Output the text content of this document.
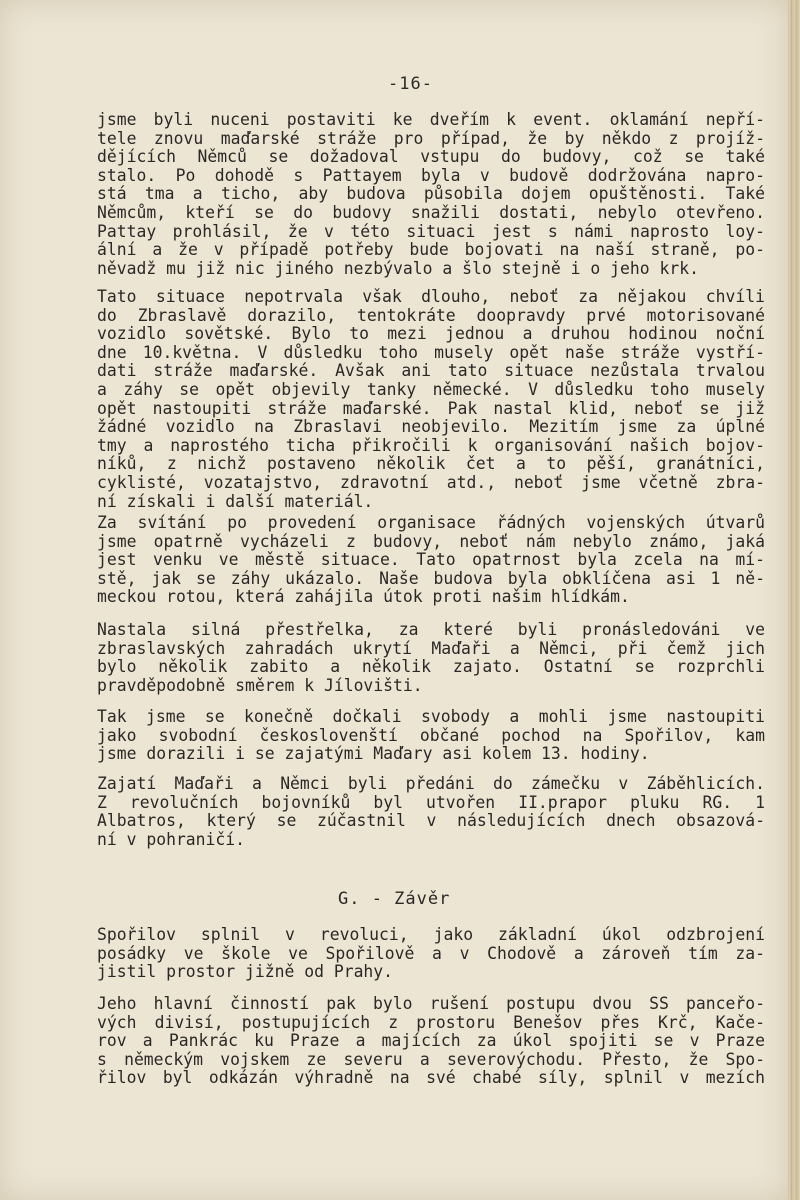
-16-
jsme byli nuceni postaviti ke dveřím k event. oklamání nepří-
tele znovu maďarské stráže pro případ, že by někdo z projíž-
dějících Němců se dožadoval vstupu do budovy, což se také
stalo. Po dohodě s Pattayem byla v budově dodržována napro-
stá tma a ticho, aby budova působila dojem opuštěnosti. Také
Němcům, kteří se do budovy snažili dostati, nebylo otevřeno.
Pattay prohlásil, že v této situaci jest s námi naprosto loy-
ální a že v případě potřeby bude bojovati na naší straně, po-
něvadž mu již nic jiného nezbývalo a šlo stejně i o jeho krk.
Tato situace nepotrvala však dlouho, neboť za nějakou chvíli
do Zbraslavě dorazilo, tentokráte doopravdy prvé motorisované
vozidlo sovětské. Bylo to mezi jednou a druhou hodinou noční
dne 10.května. V důsledku toho musely opět naše stráže vystří-
dati stráže maďarské. Avšak ani tato situace nezůstala trvalou
a záhy se opět objevily tanky německé. V důsledku toho musely
opět nastoupiti stráže maďarské. Pak nastal klid, neboť se již
žádné vozidlo na Zbraslavi neobjevilo. Mezitím jsme za úplné
tmy a naprostého ticha přikročili k organisování našich bojov-
níků, z nichž postaveno několik čet a to pěší, granátníci,
cyklisté, vozatajstvo, zdravotní atd., neboť jsme včetně zbra-
ní získali i další materiál.
Za svítání po provedení organisace řádných vojenských útvarů
jsme opatrně vycházeli z budovy, neboť nám nebylo známo, jaká
jest venku ve městě situace. Tato opatrnost byla zcela na mí-
stě, jak se záhy ukázalo. Naše budova byla obklíčena asi 1 ně-
meckou rotou, která zahájila útok proti našim hlídkám.
Nastala silná přestřelka, za které byli pronásledováni ve
zbraslavských zahradách ukrytí Maďaři a Němci, při čemž jich
bylo několik zabito a několik zajato. Ostatní se rozprchli
pravděpodobně směrem k Jílovišti.
Tak jsme se konečně dočkali svobody a mohli jsme nastoupiti
jako svobodní českoslovenští občané pochod na Spořilov, kam
jsme dorazili i se zajatými Maďary asi kolem 13. hodiny.
Zajatí Maďaři a Němci byli předáni do zámečku v Záběhlicích.
Z revolučních bojovníků byl utvořen II.prapor pluku RG. 1
Albatros, který se zúčastnil v následujících dnech obsazová-
ní v pohraničí.
G. - Závěr
Spořilov splnil v revoluci, jako základní úkol odzbrojení
posádky ve škole ve Spořilově a v Chodově a zároveň tím za-
jistil prostor jižně od Prahy.
Jeho hlavní činností pak bylo rušení postupu dvou SS panceřo-
vých divisí, postupujících z prostoru Benešov přes Krč, Kače-
rov a Pankrác ku Praze a majících za úkol spojiti se v Praze
s německým vojskem ze severu a severovýchodu. Přesto, že Spo-
řilov byl odkázán výhradně na své chabé síly, splnil v mezích
